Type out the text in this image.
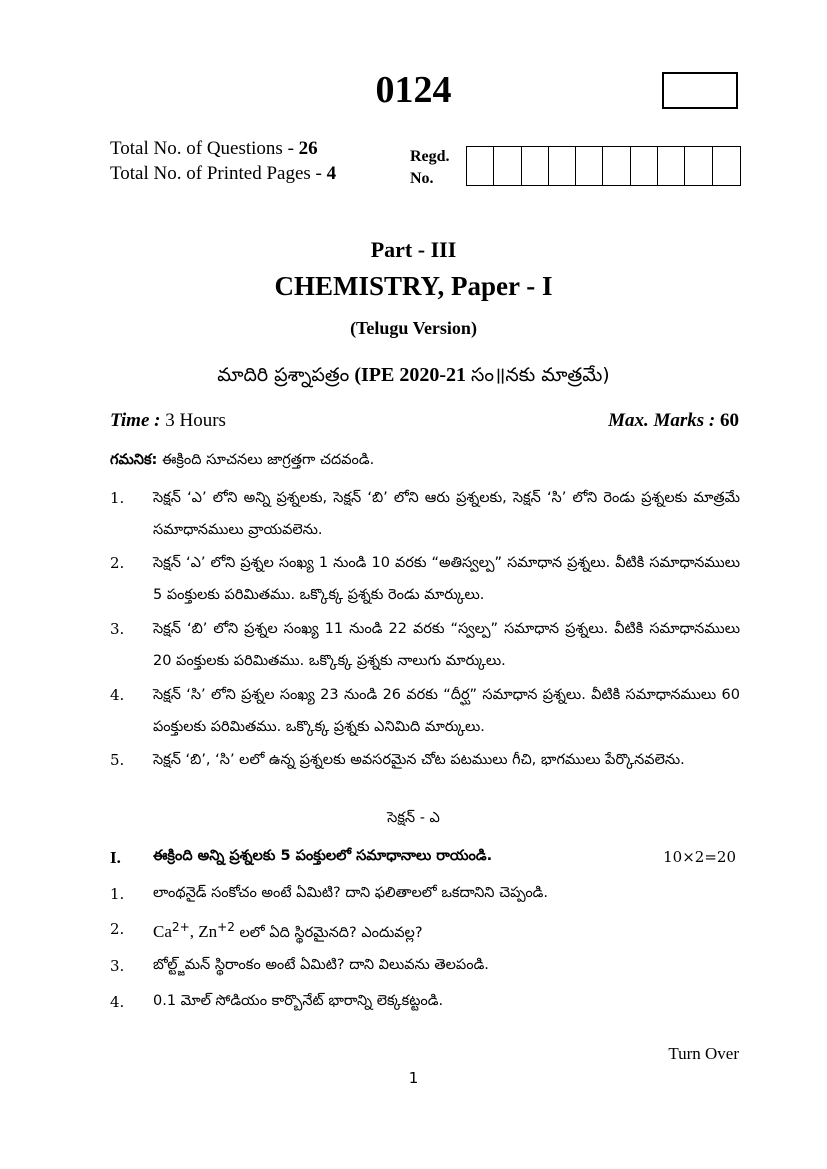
0124
Total No. of Questions - 26
Total No. of Printed Pages - 4
Regd.
No.
Part - III
CHEMISTRY, Paper - I
(Telugu Version)
మాదిరి ప్రశ్నాపత్రం (IPE 2020-21 సం॥నకు మాత్రమే)
Time : 3 Hours	Max. Marks : 60
గమనిక: ఈక్రింది సూచనలు జాగ్రత్తగా చదవండి.
1. సెక్షన్ ‘ఎ’ లోని అన్ని ప్రశ్నలకు, సెక్షన్ ‘బి’ లోని ఆరు ప్రశ్నలకు, సెక్షన్ ‘సి’ లోని రెండు ప్రశ్నలకు మాత్రమే సమాధానములు వ్రాయవలెను.
2. సెక్షన్ ‘ఎ’ లోని ప్రశ్నల సంఖ్య 1 నుండి 10 వరకు “అతిస్వల్ప” సమాధాన ప్రశ్నలు. వీటికి సమాధానములు 5 పంక్తులకు పరిమితము. ఒక్కొక్క ప్రశ్నకు రెండు మార్కులు.
3. సెక్షన్ ‘బి’ లోని ప్రశ్నల సంఖ్య 11 నుండి 22 వరకు “స్వల్ప” సమాధాన ప్రశ్నలు. వీటికి సమాధానములు 20 పంక్తులకు పరిమితము. ఒక్కొక్క ప్రశ్నకు నాలుగు మార్కులు.
4. సెక్షన్ ‘సి’ లోని ప్రశ్నల సంఖ్య 23 నుండి 26 వరకు “దీర్ఘ” సమాధాన ప్రశ్నలు. వీటికి సమాధానములు 60 పంక్తులకు పరిమితము. ఒక్కొక్క ప్రశ్నకు ఎనిమిది మార్కులు.
5. సెక్షన్ ‘బి’, ‘సి’ లలో ఉన్న ప్రశ్నలకు అవసరమైన చోట పటములు గీచి, భాగములు పేర్కొనవలెను.
సెక్షన్ - ఎ
I. ఈక్రింది అన్ని ప్రశ్నలకు 5 పంక్తులలో సమాధానాలు రాయండి.	10×2=20
1. లాంథనైడ్ సంకోచం అంటే ఏమిటి? దాని ఫలితాలలో ఒకదానిని చెప్పండి.
2. $Ca^{2+}$, $Zn^{+2}$ లలో ఏది స్థిరమైనది? ఎందువల్ల?
3. బోల్ట్జ్‌మన్ స్థిరాంకం అంటే ఏమిటి? దాని విలువను తెలపండి.
4. 0.1 మోల్ సోడియం కార్బొనేట్ భారాన్ని లెక్కకట్టండి.
Turn Over
1
